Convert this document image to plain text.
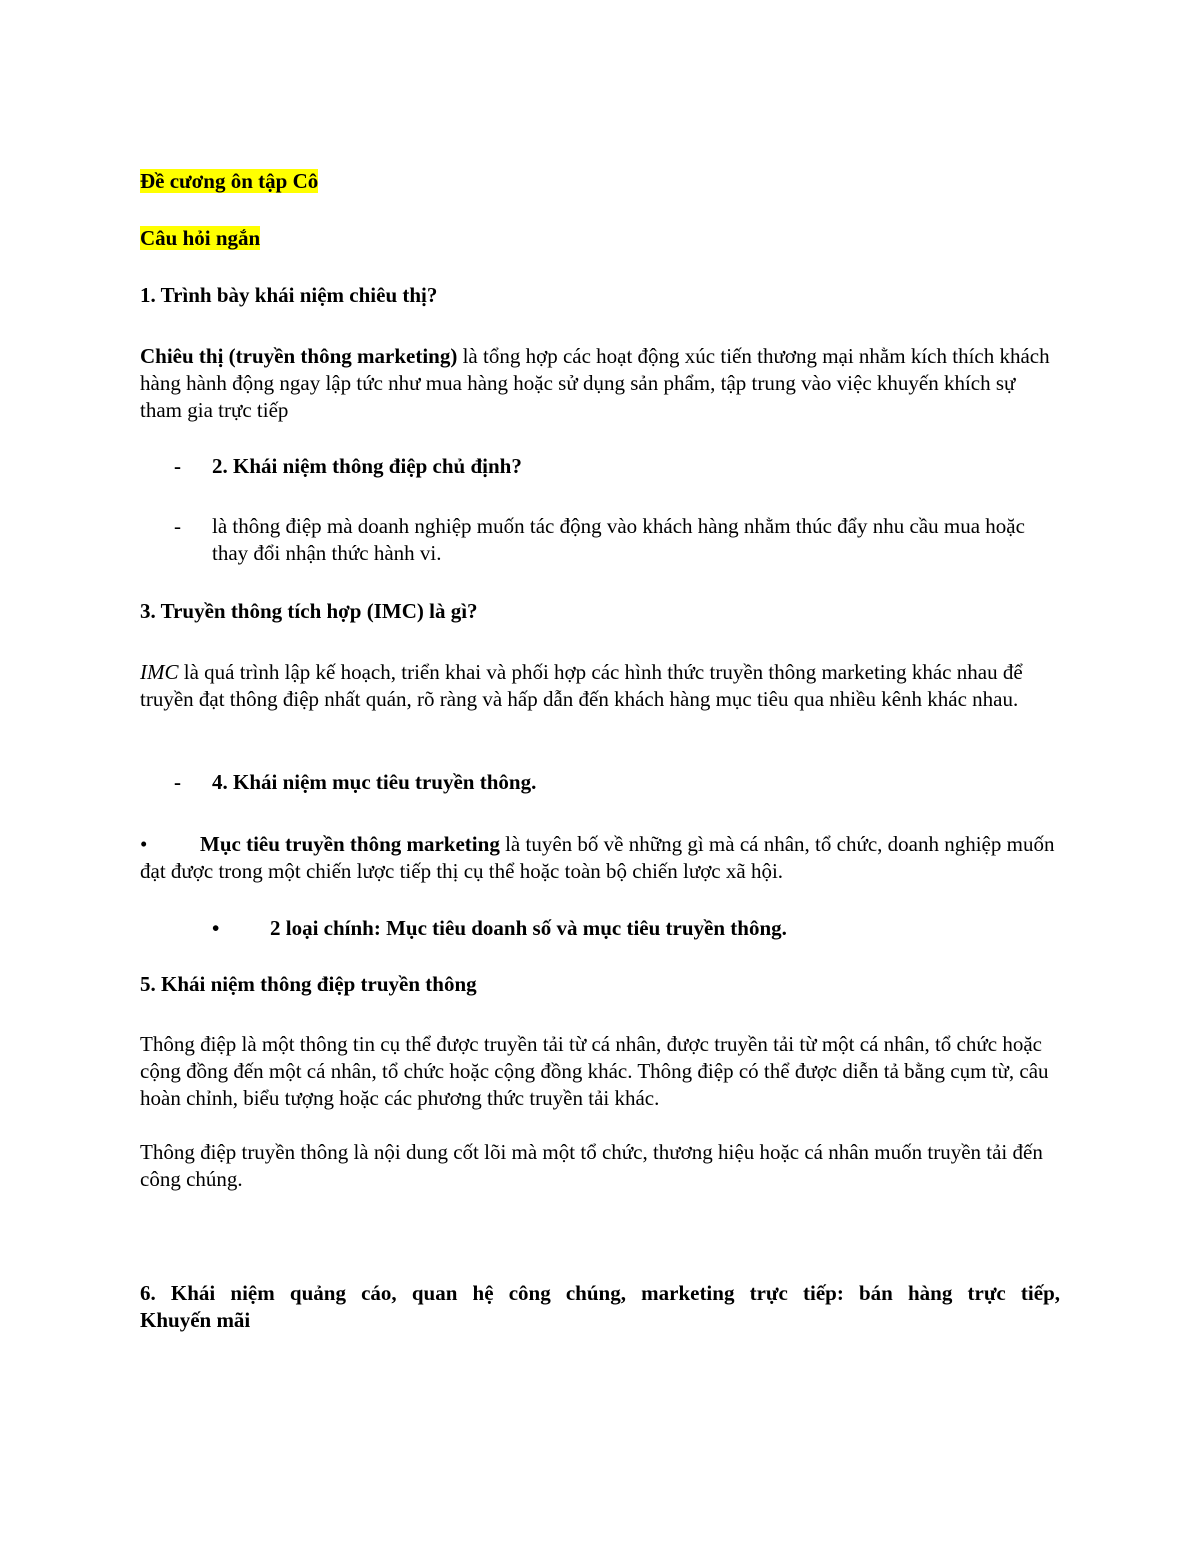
Đề cương ôn tập Cô

Câu hỏi ngắn

1. Trình bày khái niệm chiêu thị?

Chiêu thị (truyền thông marketing) là tổng hợp các hoạt động xúc tiến thương mại nhằm kích thích khách hàng hành động ngay lập tức như mua hàng hoặc sử dụng sản phẩm, tập trung vào việc khuyến khích sự tham gia trực tiếp

- 2. Khái niệm thông điệp chủ định?
- là thông điệp mà doanh nghiệp muốn tác động vào khách hàng nhằm thúc đẩy nhu cầu mua hoặc thay đổi nhận thức hành vi.

3. Truyền thông tích hợp (IMC) là gì?

IMC là quá trình lập kế hoạch, triển khai và phối hợp các hình thức truyền thông marketing khác nhau để truyền đạt thông điệp nhất quán, rõ ràng và hấp dẫn đến khách hàng mục tiêu qua nhiều kênh khác nhau.

- 4. Khái niệm mục tiêu truyền thông.
•	Mục tiêu truyền thông marketing là tuyên bố về những gì mà cá nhân, tổ chức, doanh nghiệp muốn đạt được trong một chiến lược tiếp thị cụ thể hoặc toàn bộ chiến lược xã hội.

• 2 loại chính: Mục tiêu doanh số và mục tiêu truyền thông.

5. Khái niệm thông điệp truyền thông

Thông điệp là một thông tin cụ thể được truyền tải từ cá nhân, được truyền tải từ một cá nhân, tổ chức hoặc cộng đồng đến một cá nhân, tổ chức hoặc cộng đồng khác. Thông điệp có thể được diễn tả bằng cụm từ, câu hoàn chỉnh, biểu tượng hoặc các phương thức truyền tải khác.

Thông điệp truyền thông là nội dung cốt lõi mà một tổ chức, thương hiệu hoặc cá nhân muốn truyền tải đến công chúng.

6. Khái niệm quảng cáo, quan hệ công chúng, marketing trực tiếp: bán hàng trực tiếp,
Khuyến mãi
